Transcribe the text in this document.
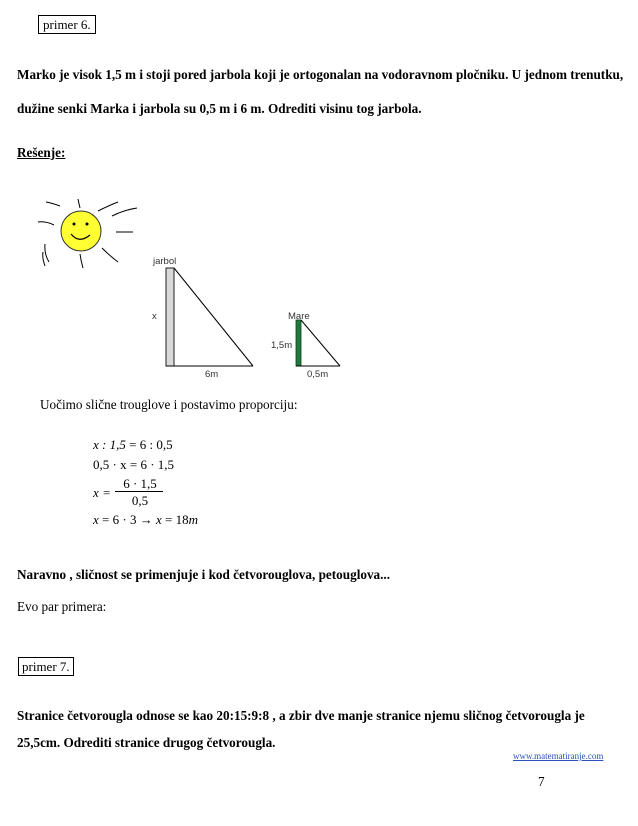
primer 6.
Marko je visok 1,5 m i stoji pored jarbola koji je ortogonalan na vodoravnom pločniku. U jednom trenutku,
dužine senki Marka i jarbola su 0,5 m i 6 m. Odrediti visinu tog jarbola.
Rešenje:
jarbol
x	Mare
1,5m
6m	0,5m
Uočimo slične trouglove i postavimo proporciju:
x : 1,5 = 6 : 0,5
0,5 · x = 6 · 1,5
x =
6 · 1,5
0,5
x = 6 · 3 → x = 18m
Naravno , sličnost se primenjuje i kod četvorouglova, petouglova...
Evo par primera:
primer 7.
Stranice četvorougla odnose se kao 20:15:9:8 , a zbir dve manje stranice njemu sličnog četvorougla je
25,5cm. Odrediti stranice drugog četvorougla.
www.matematiranje.com
7
